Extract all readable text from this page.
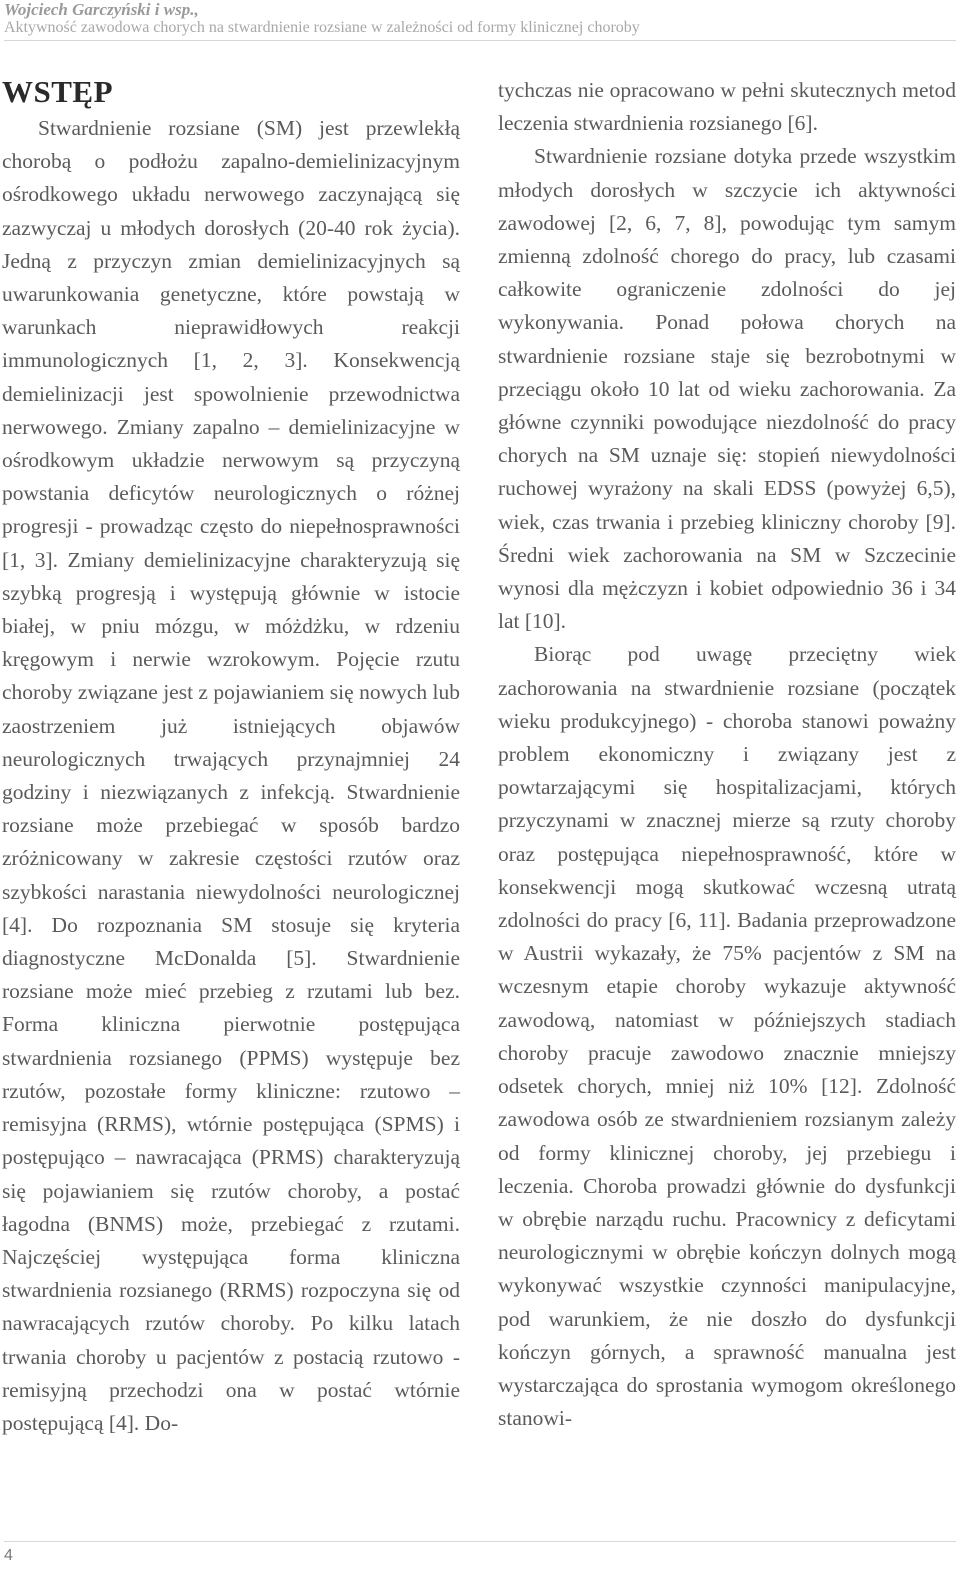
Wojciech Garczyński i wsp.,
Aktywność zawodowa chorych na stwardnienie rozsiane w zależności od formy klinicznej choroby
WSTĘP

Stwardnienie rozsiane (SM) jest przewlekłą chorobą o podłożu zapalno-demielinizacyjnym ośrodkowego układu nerwowego zaczynającą się zazwyczaj u młodych dorosłych (20-40 rok życia). Jedną z przyczyn zmian demielinizacyjnych są uwarunkowania genetyczne, które powstają w warunkach nieprawidłowych reakcji immunologicznych [1, 2, 3]. Konsekwencją demielinizacji jest spowolnienie przewodnictwa nerwowego. Zmiany zapalno – demielinizacyjne w ośrodkowym układzie nerwowym są przyczyną powstania deficytów neurologicznych o różnej progresji - prowadząc często do niepełnosprawności [1, 3]. Zmiany demielinizacyjne charakteryzują się szybką progresją i występują głównie w istocie białej, w pniu mózgu, w móżdżku, w rdzeniu kręgowym i nerwie wzrokowym. Pojęcie rzutu choroby związane jest z pojawianiem się nowych lub zaostrzeniem już istniejących objawów neurologicznych trwających przynajmniej 24 godziny i niezwiązanych z infekcją. Stwardnienie rozsiane może przebiegać w sposób bardzo zróżnicowany w zakresie częstości rzutów oraz szybkości narastania niewydolności neurologicznej [4]. Do rozpoznania SM stosuje się kryteria diagnostyczne McDonalda [5]. Stwardnienie rozsiane może mieć przebieg z rzutami lub bez. Forma kliniczna pierwotnie postępująca stwardnienia rozsianego (PPMS) występuje bez rzutów, pozostałe formy kliniczne: rzutowo – remisyjna (RRMS), wtórnie postępująca (SPMS) i postępująco – nawracająca (PRMS) charakteryzują się pojawianiem się rzutów choroby, a postać łagodna (BNMS) może, przebiegać z rzutami. Najczęściej występująca forma kliniczna stwardnienia rozsianego (RRMS) rozpoczyna się od nawracających rzutów choroby. Po kilku latach trwania choroby u pacjentów z postacią rzutowo - remisyjną przechodzi ona w postać wtórnie postępującą [4]. Do-

tychczas nie opracowano w pełni skutecznych metod leczenia stwardnienia rozsianego [6].

Stwardnienie rozsiane dotyka przede wszystkim młodych dorosłych w szczycie ich aktywności zawodowej [2, 6, 7, 8], powodując tym samym zmienną zdolność chorego do pracy, lub czasami całkowite ograniczenie zdolności do jej wykonywania. Ponad połowa chorych na stwardnienie rozsiane staje się bezrobotnymi w przeciągu około 10 lat od wieku zachorowania. Za główne czynniki powodujące niezdolność do pracy chorych na SM uznaje się: stopień niewydolności ruchowej wyrażony na skali EDSS (powyżej 6,5), wiek, czas trwania i przebieg kliniczny choroby [9]. Średni wiek zachorowania na SM w Szczecinie wynosi dla mężczyzn i kobiet odpowiednio 36 i 34 lat [10].

Biorąc pod uwagę przeciętny wiek zachorowania na stwardnienie rozsiane (początek wieku produkcyjnego) - choroba stanowi poważny problem ekonomiczny i związany jest z powtarzającymi się hospitalizacjami, których przyczynami w znacznej mierze są rzuty choroby oraz postępująca niepełnosprawność, które w konsekwencji mogą skutkować wczesną utratą zdolności do pracy [6, 11]. Badania przeprowadzone w Austrii wykazały, że 75% pacjentów z SM na wczesnym etapie choroby wykazuje aktywność zawodową, natomiast w późniejszych stadiach choroby pracuje zawodowo znacznie mniejszy odsetek chorych, mniej niż 10% [12]. Zdolność zawodowa osób ze stwardnieniem rozsianym zależy od formy klinicznej choroby, jej przebiegu i leczenia. Choroba prowadzi głównie do dysfunkcji w obrębie narządu ruchu. Pracownicy z deficytami neurologicznymi w obrębie kończyn dolnych mogą wykonywać wszystkie czynności manipulacyjne, pod warunkiem, że nie doszło do dysfunkcji kończyn górnych, a sprawność manualna jest wystarczająca do sprostania wymogom określonego stanowi-

4
